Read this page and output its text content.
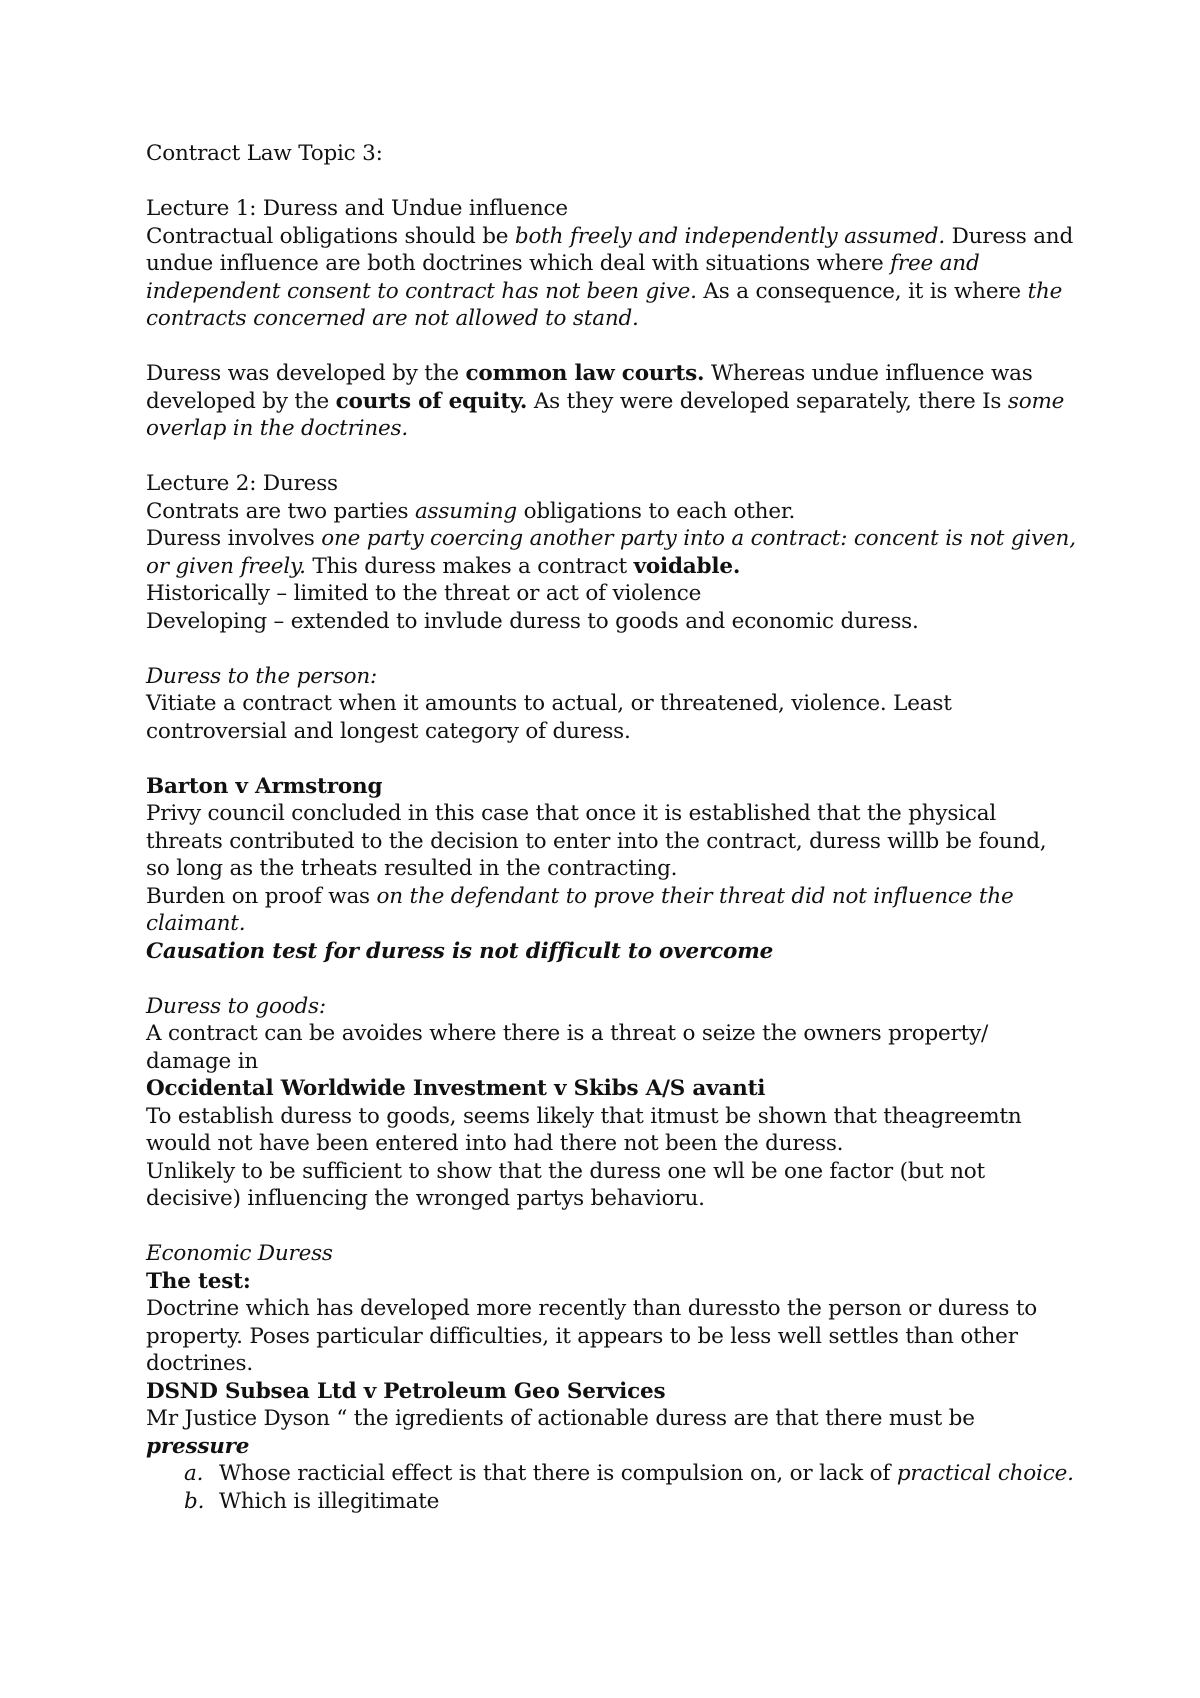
Contract Law Topic 3:

Lecture 1: Duress and Undue influence

Contractual obligations should be both freely and independently assumed. Duress and undue influence are both doctrines which deal with situations where free and independent consent to contract has not been give. As a consequence, it is where the contracts concerned are not allowed to stand.

Duress was developed by the common law courts. Whereas undue influence was developed by the courts of equity. As they were developed separately, there Is some overlap in the doctrines.

Lecture 2: Duress

Contrats are two parties assuming obligations to each other.

Duress involves one party coercing another party into a contract: concent is not given, or given freely. This duress makes a contract voidable.

Historically – limited to the threat or act of violence

Developing – extended to invlude duress to goods and economic duress.

Duress to the person:

Vitiate a contract when it amounts to actual, or threatened, violence. Least controversial and longest category of duress.

Barton v Armstrong

Privy council concluded in this case that once it is established that the physical threats contributed to the decision to enter into the contract, duress willb be found, so long as the trheats resulted in the contracting.

Burden on proof was on the defendant to prove their threat did not influence the claimant.

Causation test for duress is not difficult to overcome

Duress to goods:

A contract can be avoides where there is a threat o seize the owners property/ damage in

Occidental Worldwide Investment v Skibs A/S avanti

To establish duress to goods, seems likely that itmust be shown that theagreemtn would not have been entered into had there not been the duress.

Unlikely to be sufficient to show that the duress one wll be one factor (but not decisive) influencing the wronged partys behavioru.

Economic Duress

The test:

Doctrine which has developed more recently than duressto the person or duress to property. Poses particular difficulties, it appears to be less well settles than other doctrines.

DSND Subsea Ltd v Petroleum Geo Services

Mr Justice Dyson “ the igredients of actionable duress are that there must be pressure

a. Whose racticial effect is that there is compulsion on, or lack of practical choice.
b. Which is illegitimate
